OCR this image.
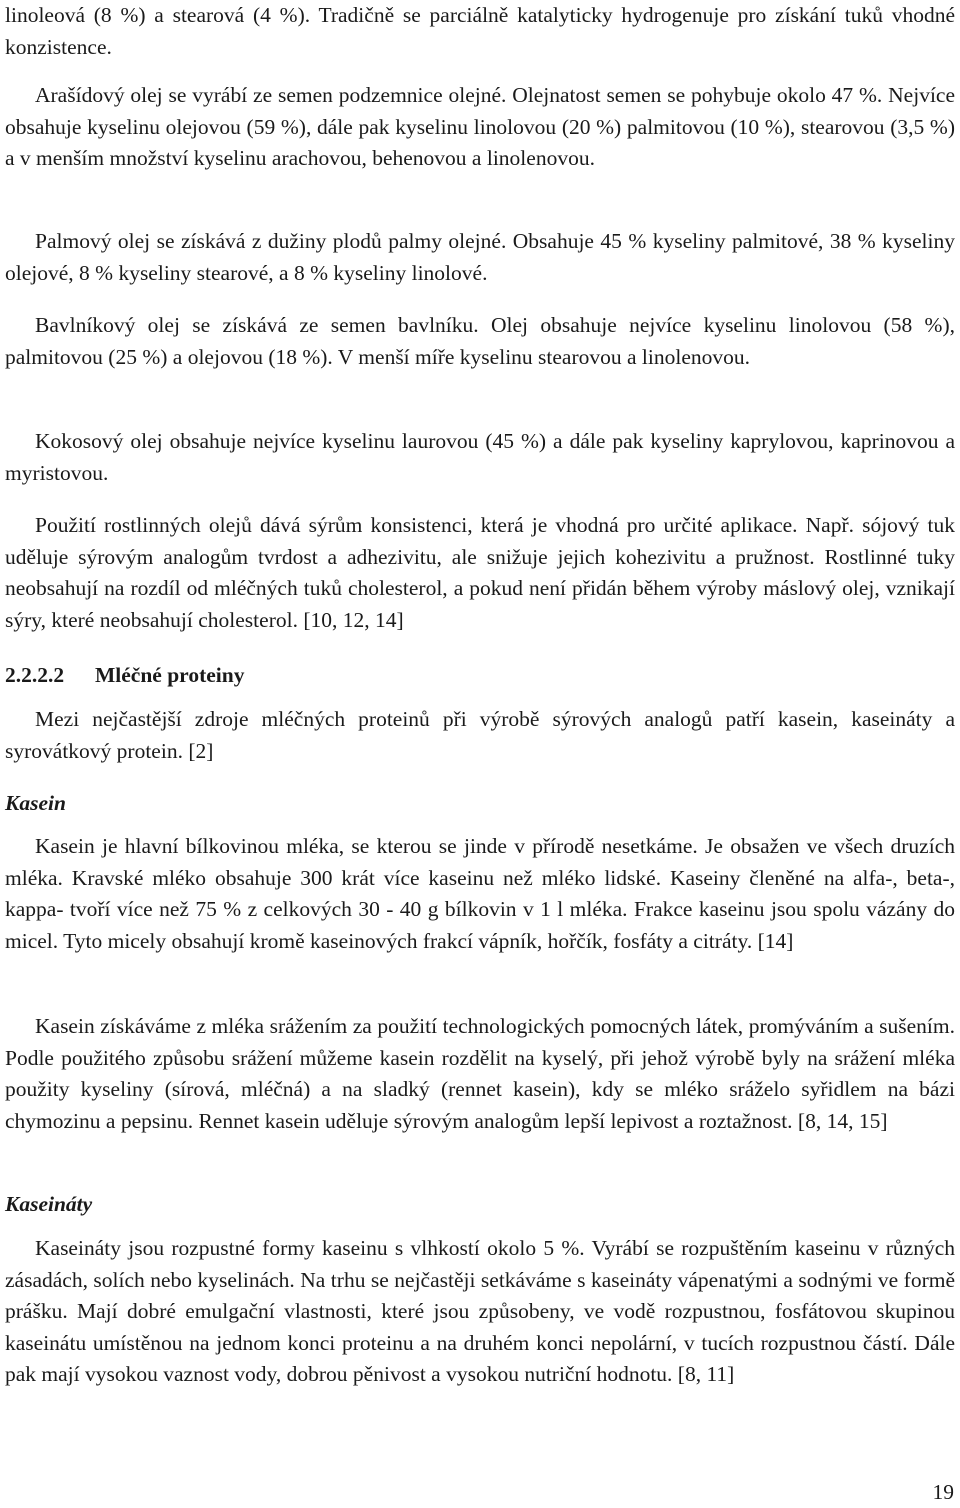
linoleová (8 %) a stearová (4 %). Tradičně se parciálně katalyticky hydrogenuje pro získání tuků vhodné konzistence.

Arašídový olej se vyrábí ze semen podzemnice olejné. Olejnatost semen se pohybuje okolo 47 %. Nejvíce obsahuje kyselinu olejovou (59 %), dále pak kyselinu linolovou (20 %) palmitovou (10 %), stearovou (3,5 %) a v menším množství kyselinu arachovou, behenovou a linolenovou.

Palmový olej se získává z dužiny plodů palmy olejné. Obsahuje 45 % kyseliny palmitové, 38 % kyseliny olejové, 8 % kyseliny stearové, a 8 % kyseliny linolové.

Bavlníkový olej se získává ze semen bavlníku. Olej obsahuje nejvíce kyselinu linolovou (58 %), palmitovou (25 %) a olejovou (18 %). V menší míře kyselinu stearovou a linolenovou.

Kokosový olej obsahuje nejvíce kyselinu laurovou (45 %) a dále pak kyseliny kaprylovou, kaprinovou a myristovou.

Použití rostlinných olejů dává sýrům konsistenci, která je vhodná pro určité aplikace. Např. sójový tuk uděluje sýrovým analogům tvrdost a adhezivitu, ale snižuje jejich kohezivitu a pružnost. Rostlinné tuky neobsahují na rozdíl od mléčných tuků cholesterol, a pokud není přidán během výroby máslový olej, vznikají sýry, které neobsahují cholesterol. [10, 12, 14]

2.2.2.2 Mléčné proteiny

Mezi nejčastější zdroje mléčných proteinů při výrobě sýrových analogů patří kasein, kaseináty a syrovátkový protein. [2]

Kasein

Kasein je hlavní bílkovinou mléka, se kterou se jinde v přírodě nesetkáme. Je obsažen ve všech druzích mléka. Kravské mléko obsahuje 300 krát více kaseinu než mléko lidské. Kaseiny členěné na alfa-, beta-, kappa- tvoří více než 75 % z celkových 30 - 40 g bílkovin v 1 l mléka. Frakce kaseinu jsou spolu vázány do micel. Tyto micely obsahují kromě kaseinových frakcí vápník, hořčík, fosfáty a citráty. [14]

Kasein získáváme z mléka srážením za použití technologických pomocných látek, promýváním a sušením. Podle použitého způsobu srážení můžeme kasein rozdělit na kyselý, při jehož výrobě byly na srážení mléka použity kyseliny (sírová, mléčná) a na sladký (rennet kasein), kdy se mléko sráželo syřidlem na bázi chymozinu a pepsinu. Rennet kasein uděluje sýrovým analogům lepší lepivost a roztažnost. [8, 14, 15]

Kaseináty

Kaseináty jsou rozpustné formy kaseinu s vlhkostí okolo 5 %. Vyrábí se rozpuštěním kaseinu v různých zásadách, solích nebo kyselinách. Na trhu se nejčastěji setkáváme s kaseináty vápenatými a sodnými ve formě prášku. Mají dobré emulgační vlastnosti, které jsou způsobeny, ve vodě rozpustnou, fosfátovou skupinou kaseinátu umístěnou na jednom konci proteinu a na druhém konci nepolární, v tucích rozpustnou částí. Dále pak mají vysokou vaznost vody, dobrou pěnivost a vysokou nutriční hodnotu. [8, 11]

19
